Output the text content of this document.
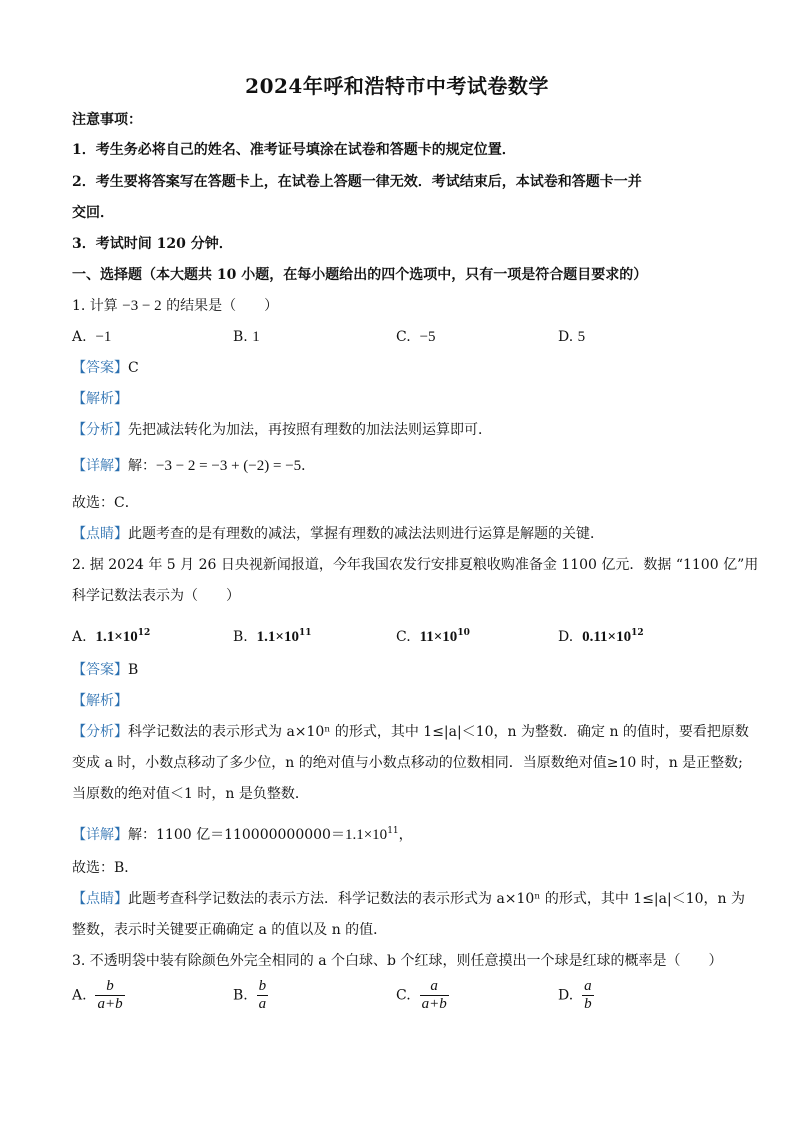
2024年呼和浩特市中考试卷数学
注意事项：
1．考生务必将自己的姓名、准考证号填涂在试卷和答题卡的规定位置．
2．考生要将答案写在答题卡上，在试卷上答题一律无效．考试结束后，本试卷和答题卡一并
交回．
3．考试时间 120 分钟．
一、选择题（本大题共 10 小题，在每小题给出的四个选项中，只有一项是符合题目要求的）
1. 计算 −3 − 2 的结果是（　　）
A. −1	B. 1	C. −5	D. 5
【答案】C
【解析】
【分析】先把减法转化为加法，再按照有理数的加法法则运算即可．
【详解】解：−3 − 2 = −3 + (−2) = −5．
故选：C．
【点睛】此题考查的是有理数的减法，掌握有理数的减法法则进行运算是解题的关键．
2. 据 2024 年 5 月 26 日央视新闻报道，今年我国农发行安排夏粮收购准备金 1100 亿元．数据 “1100 亿”用
科学记数法表示为（　　）
A. $1.1\times 10^{12}$	B. $1.1\times 10^{11}$	C. $11\times 10^{10}$	D. $0.11\times 10^{12}$
【答案】B
【解析】
【分析】科学记数法的表示形式为 a×10ⁿ 的形式，其中 1≤|a|＜10，n 为整数．确定 n 的值时，要看把原数
变成 a 时，小数点移动了多少位，n 的绝对值与小数点移动的位数相同．当原数绝对值≥10 时，n 是正整数;
当原数的绝对值＜1 时，n 是负整数．
【详解】解：1100 亿$=110000000000=1.1\times 10^{11}$，
故选：B．
【点睛】此题考查科学记数法的表示方法．科学记数法的表示形式为 a×10ⁿ 的形式，其中 1≤|a|＜10，n 为
整数，表示时关键要正确确定 a 的值以及 n 的值．
3. 不透明袋中装有除颜色外完全相同的 a 个白球、b 个红球，则任意摸出一个球是红球的概率是（　　）
A. $\frac{b}{a+b}$	B. $\frac{b}{a}$	C. $\frac{a}{a+b}$	D. $\frac{a}{b}$
